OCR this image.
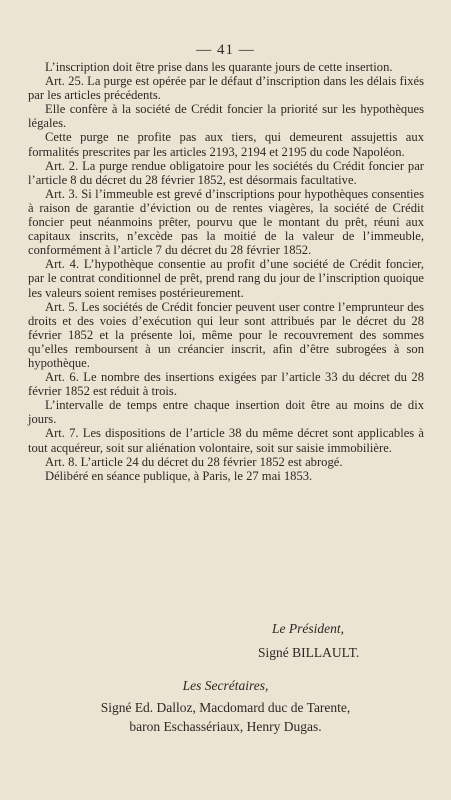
— 41 —

L’inscription doit être prise dans les quarante jours de cette insertion.

Art. 25. La purge est opérée par le défaut d’inscription dans les délais fixés par les articles précédents.

Elle confère à la société de Crédit foncier la priorité sur les hypothèques légales.

Cette purge ne profite pas aux tiers, qui demeurent assujettis aux formalités prescrites par les articles 2193, 2194 et 2195 du code Napoléon.

Art. 2. La purge rendue obligatoire pour les sociétés du Crédit foncier par l’article 8 du décret du 28 février 1852, est désormais facultative.

Art. 3. Si l’immeuble est grevé d’inscriptions pour hypothèques consenties à raison de garantie d’éviction ou de rentes viagères, la société de Crédit foncier peut néanmoins prêter, pourvu que le montant du prêt, réuni aux capitaux inscrits, n’excède pas la moitié de la valeur de l’immeuble, conformément à l’article 7 du décret du 28 février 1852.

Art. 4. L’hypothèque consentie au profit d’une société de Crédit foncier, par le contrat conditionnel de prêt, prend rang du jour de l’inscription quoique les valeurs soient remises postérieurement.

Art. 5. Les sociétés de Crédit foncier peuvent user contre l’emprunteur des droits et des voies d’exécution qui leur sont attribués par le décret du 28 février 1852 et la présente loi, même pour le recouvrement des sommes qu’elles remboursent à un créancier inscrit, afin d’être subrogées à son hypothèque.

Art. 6. Le nombre des insertions exigées par l’article 33 du décret du 28 février 1852 est réduit à trois.

L’intervalle de temps entre chaque insertion doit être au moins de dix jours.

Art. 7. Les dispositions de l’article 38 du même décret sont applicables à tout acquéreur, soit sur aliénation volontaire, soit sur saisie immobilière.

Art. 8. L’article 24 du décret du 28 février 1852 est abrogé.

Délibéré en séance publique, à Paris, le 27 mai 1853.

Le Président,
Signé BILLAULT.
Les Secrétaires,
Signé Ed. Dalloz, Macdomard duc de Tarente,
baron Eschassériaux, Henry Dugas.
